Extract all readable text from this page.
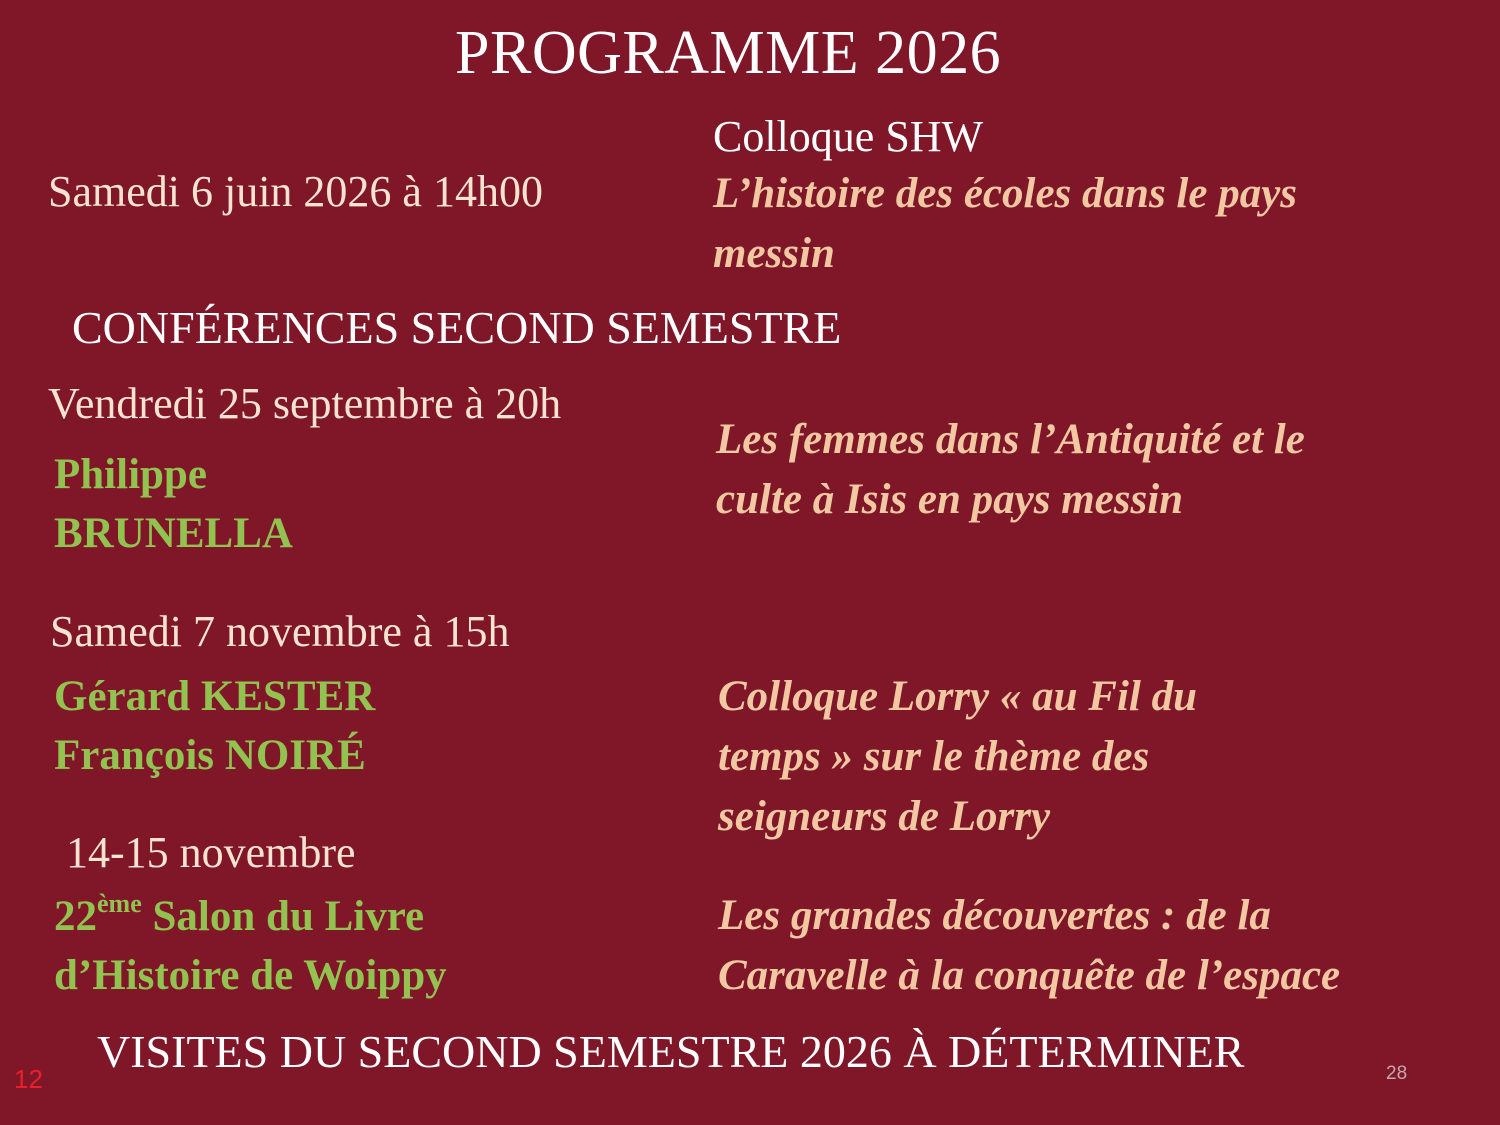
PROGRAMME 2026
Colloque SHW
Samedi 6 juin 2026 à 14h00	L’histoire des écoles dans le pays
messin
CONFÉRENCES SECOND SEMESTRE
Vendredi 25 septembre à 20h
Philippe
BRUNELLA
Les femmes dans l’Antiquité et le
culte à Isis en pays messin
Samedi 7 novembre à 15h
Gérard KESTER
François NOIRÉ
Colloque Lorry « au Fil du
temps » sur le thème des
seigneurs de Lorry
14-15 novembre
22ème Salon du Livre
d’Histoire de Woippy
Les grandes découvertes : de la
Caravelle à la conquête de l’espace
VISITES DU SECOND SEMESTRE 2026 À DÉTERMINER
12	28
